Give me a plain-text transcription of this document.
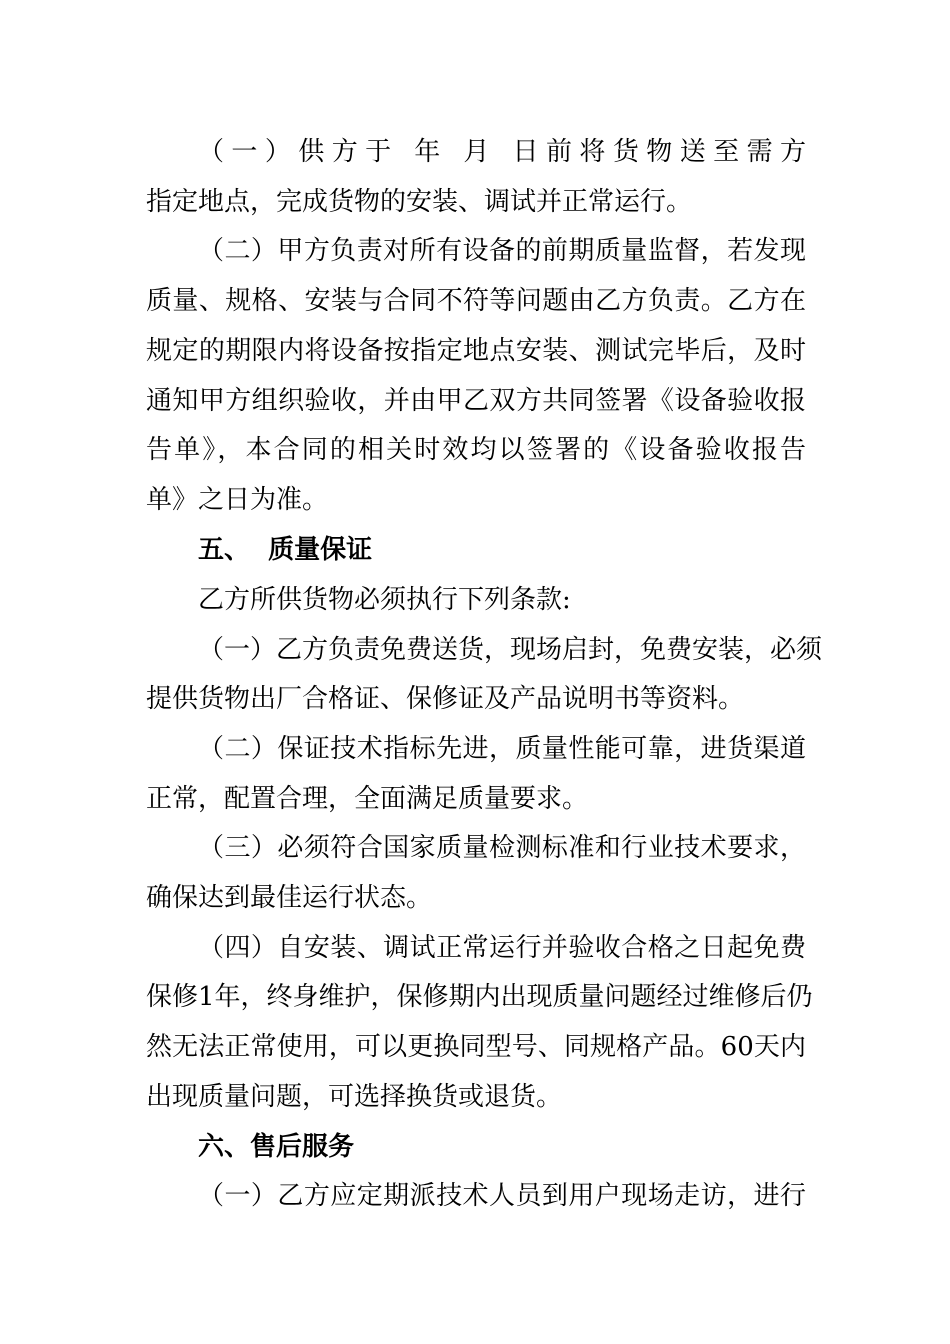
（一）供方于 年 月 日前将货物送至需方
指定地点，完成货物的安装、调试并正常运行。
（二）甲方负责对所有设备的前期质量监督，若发现
质量、规格、安装与合同不符等问题由乙方负责。乙方在
规定的期限内将设备按指定地点安装、测试完毕后，及时
通知甲方组织验收，并由甲乙双方共同签署《设备验收报
告单》，本合同的相关时效均以签署的《设备验收报告
单》之日为准。
五、  质量保证
乙方所供货物必须执行下列条款:
（一）乙方负责免费送货，现场启封，免费安装，必须
提供货物出厂合格证、保修证及产品说明书等资料。
（二）保证技术指标先进，质量性能可靠，进货渠道
正常，配置合理，全面满足质量要求。
（三）必须符合国家质量检测标准和行业技术要求，
确保达到最佳运行状态。
（四）自安装、调试正常运行并验收合格之日起免费
保修1年，终身维护，保修期内出现质量问题经过维修后仍
然无法正常使用，可以更换同型号、同规格产品。60天内
出现质量问题，可选择换货或退货。
六、售后服务
（一）乙方应定期派技术人员到用户现场走访，进行
